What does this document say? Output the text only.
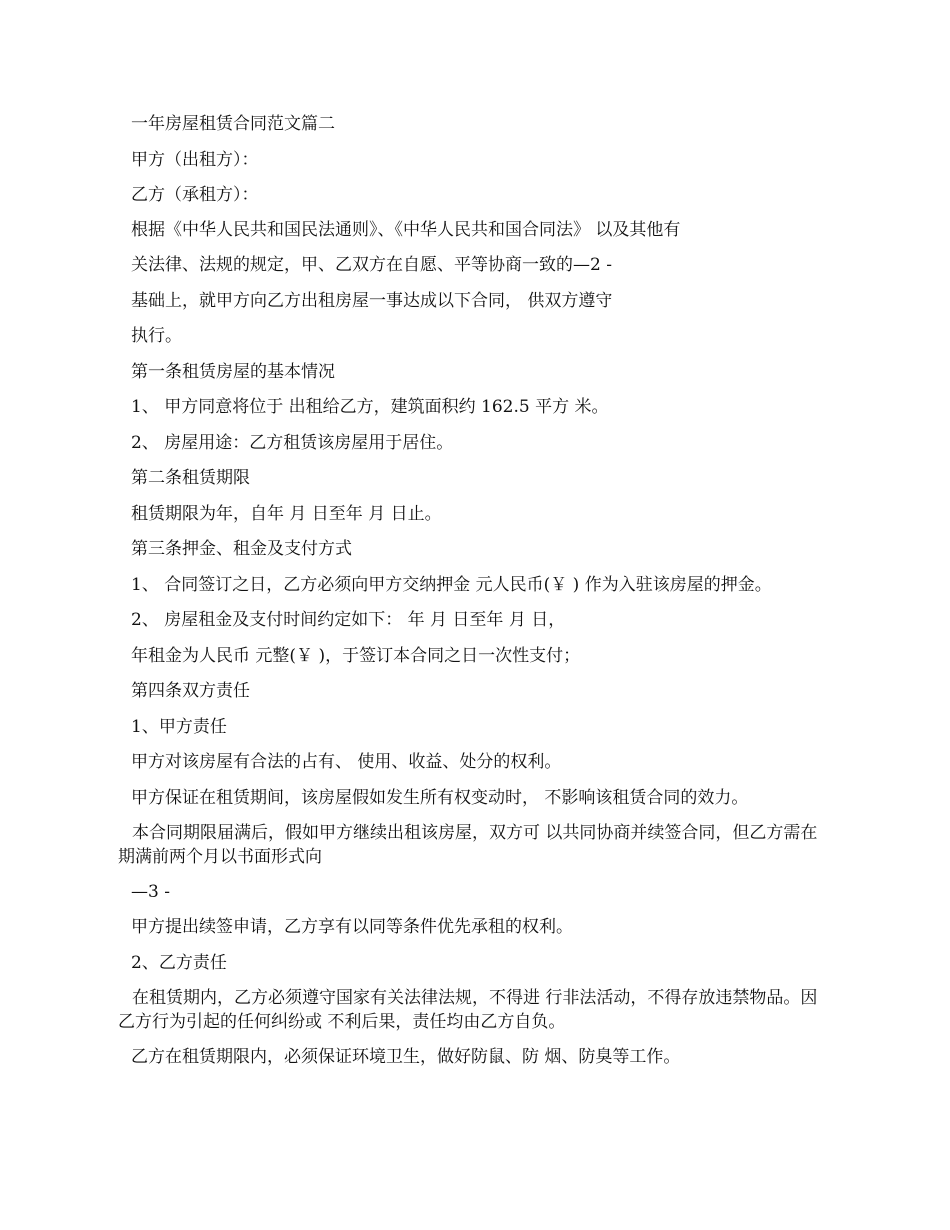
一年房屋租赁合同范文篇二

甲方（出租方）：

乙方（承租方）：

根据《中华人民共和国民法通则》、《中华人民共和国合同法》 以及其他有

关法律、法规的规定，甲、乙双方在自愿、平等协商一致的—2 -

基础上，就甲方向乙方出租房屋一事达成以下合同， 供双方遵守

执行。

第一条租赁房屋的基本情况

1、 甲方同意将位于 出租给乙方，建筑面积约 162.5 平方 米。

2、 房屋用途：乙方租赁该房屋用于居住。

第二条租赁期限

租赁期限为年，自年 月 日至年 月 日止。

第三条押金、租金及支付方式

1、 合同签订之日，乙方必须向甲方交纳押金 元人民币(￥ ) 作为入驻该房屋的押金。

2、 房屋租金及支付时间约定如下： 年 月 日至年 月 日，

年租金为人民币 元整(￥ )，于签订本合同之日一次性支付；

第四条双方责任

1、甲方责任

甲方对该房屋有合法的占有、 使用、收益、处分的权利。

甲方保证在租赁期间，该房屋假如发生所有权变动时， 不影响该租赁合同的效力。

本合同期限届满后，假如甲方继续出租该房屋，双方可 以共同协商并续签合同，但乙方需在期满前两个月以书面形式向

—3 -

甲方提出续签申请，乙方享有以同等条件优先承租的权利。

2、乙方责任

在租赁期内，乙方必须遵守国家有关法律法规，不得进 行非法活动，不得存放违禁物品。因乙方行为引起的任何纠纷或 不利后果，责任均由乙方自负。

乙方在租赁期限内，必须保证环境卫生，做好防鼠、防 烟、防臭等工作。
